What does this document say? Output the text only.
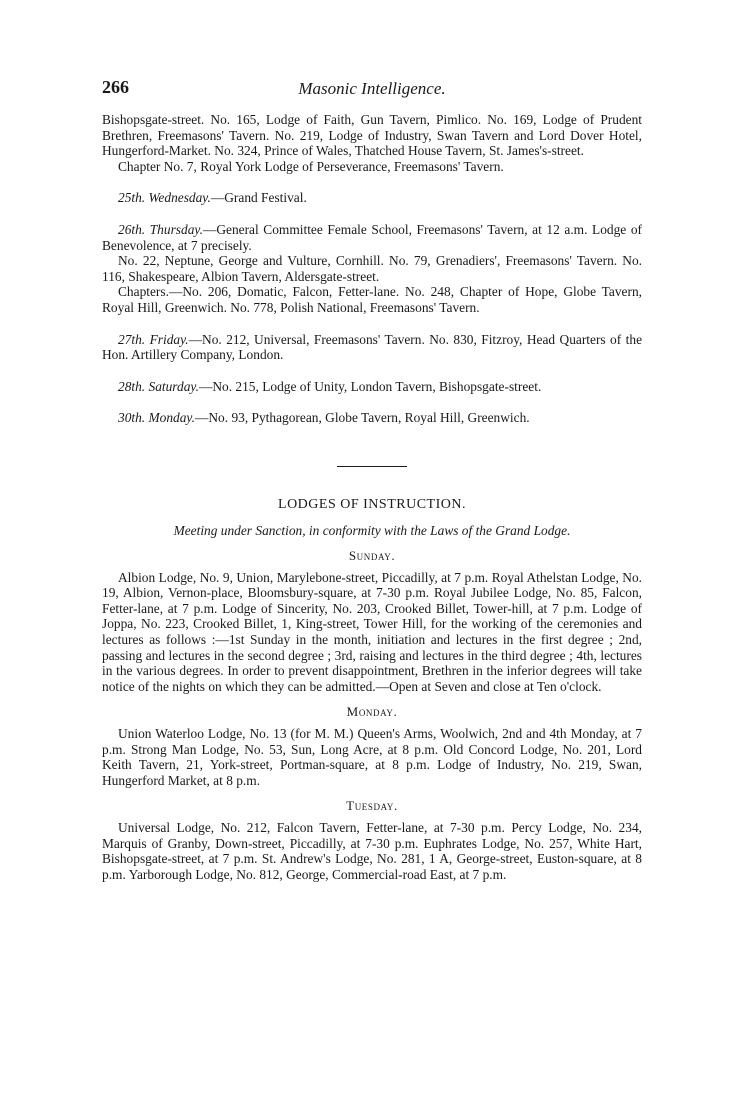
266	Masonic Intelligence.

Bishopsgate-street. No. 165, Lodge of Faith, Gun Tavern, Pimlico. No. 169, Lodge of Prudent Brethren, Freemasons' Tavern. No. 219, Lodge of Industry, Swan Tavern and Lord Dover Hotel, Hungerford-Market. No. 324, Prince of Wales, Thatched House Tavern, St. James's-street.

Chapter No. 7, Royal York Lodge of Perseverance, Freemasons' Tavern.

25th. Wednesday.—Grand Festival.

26th. Thursday.—General Committee Female School, Freemasons' Tavern, at 12 a.m. Lodge of Benevolence, at 7 precisely.

No. 22, Neptune, George and Vulture, Cornhill. No. 79, Grenadiers', Freemasons' Tavern. No. 116, Shakespeare, Albion Tavern, Aldersgate-street.

Chapters.—No. 206, Domatic, Falcon, Fetter-lane. No. 248, Chapter of Hope, Globe Tavern, Royal Hill, Greenwich. No. 778, Polish National, Freemasons' Tavern.

27th. Friday.—No. 212, Universal, Freemasons' Tavern. No. 830, Fitzroy, Head Quarters of the Hon. Artillery Company, London.

28th. Saturday.—No. 215, Lodge of Unity, London Tavern, Bishopsgate-street.

30th. Monday.—No. 93, Pythagorean, Globe Tavern, Royal Hill, Greenwich.

LODGES OF INSTRUCTION.
Meeting under Sanction, in conformity with the Laws of the Grand Lodge.
Sunday.

Albion Lodge, No. 9, Union, Marylebone-street, Piccadilly, at 7 p.m. Royal Athelstan Lodge, No. 19, Albion, Vernon-place, Bloomsbury-square, at 7-30 p.m. Royal Jubilee Lodge, No. 85, Falcon, Fetter-lane, at 7 p.m. Lodge of Sincerity, No. 203, Crooked Billet, Tower-hill, at 7 p.m. Lodge of Joppa, No. 223, Crooked Billet, 1, King-street, Tower Hill, for the working of the ceremonies and lectures as follows :—1st Sunday in the month, initiation and lectures in the first degree ; 2nd, passing and lectures in the second degree ; 3rd, raising and lectures in the third degree ; 4th, lectures in the various degrees. In order to prevent disappointment, Brethren in the inferior degrees will take notice of the nights on which they can be admitted.—Open at Seven and close at Ten o'clock.

Monday.

Union Waterloo Lodge, No. 13 (for M. M.) Queen's Arms, Woolwich, 2nd and 4th Monday, at 7 p.m. Strong Man Lodge, No. 53, Sun, Long Acre, at 8 p.m. Old Concord Lodge, No. 201, Lord Keith Tavern, 21, York-street, Portman-square, at 8 p.m. Lodge of Industry, No. 219, Swan, Hungerford Market, at 8 p.m.

Tuesday.

Universal Lodge, No. 212, Falcon Tavern, Fetter-lane, at 7-30 p.m. Percy Lodge, No. 234, Marquis of Granby, Down-street, Piccadilly, at 7-30 p.m. Euphrates Lodge, No. 257, White Hart, Bishopsgate-street, at 7 p.m. St. Andrew's Lodge, No. 281, 1 A, George-street, Euston-square, at 8 p.m. Yarborough Lodge, No. 812, George, Commercial-road East, at 7 p.m.
